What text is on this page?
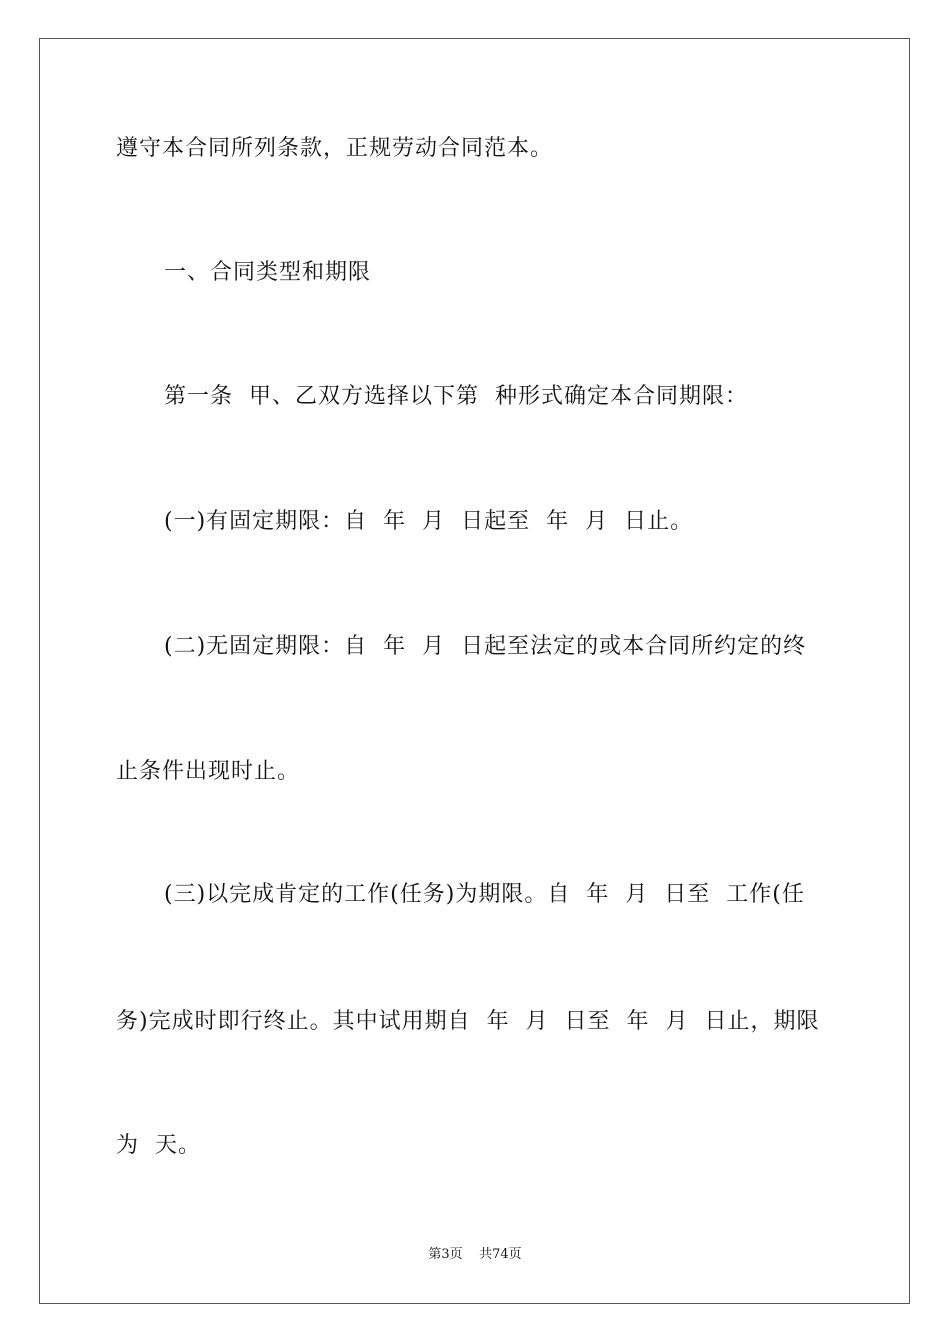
遵守本合同所列条款，正规劳动合同范本。
一、合同类型和期限
第一条  甲、乙双方选择以下第  种形式确定本合同期限：
(一)有固定期限：自  年  月  日起至  年  月  日止。
(二)无固定期限：自  年  月  日起至法定的或本合同所约定的终
止条件出现时止。
(三)以完成肯定的工作(任务)为期限。自  年  月  日至  工作(任
务)完成时即行终止。其中试用期自  年  月  日至  年  月  日止，期限
为  天。
第3页    共74页
